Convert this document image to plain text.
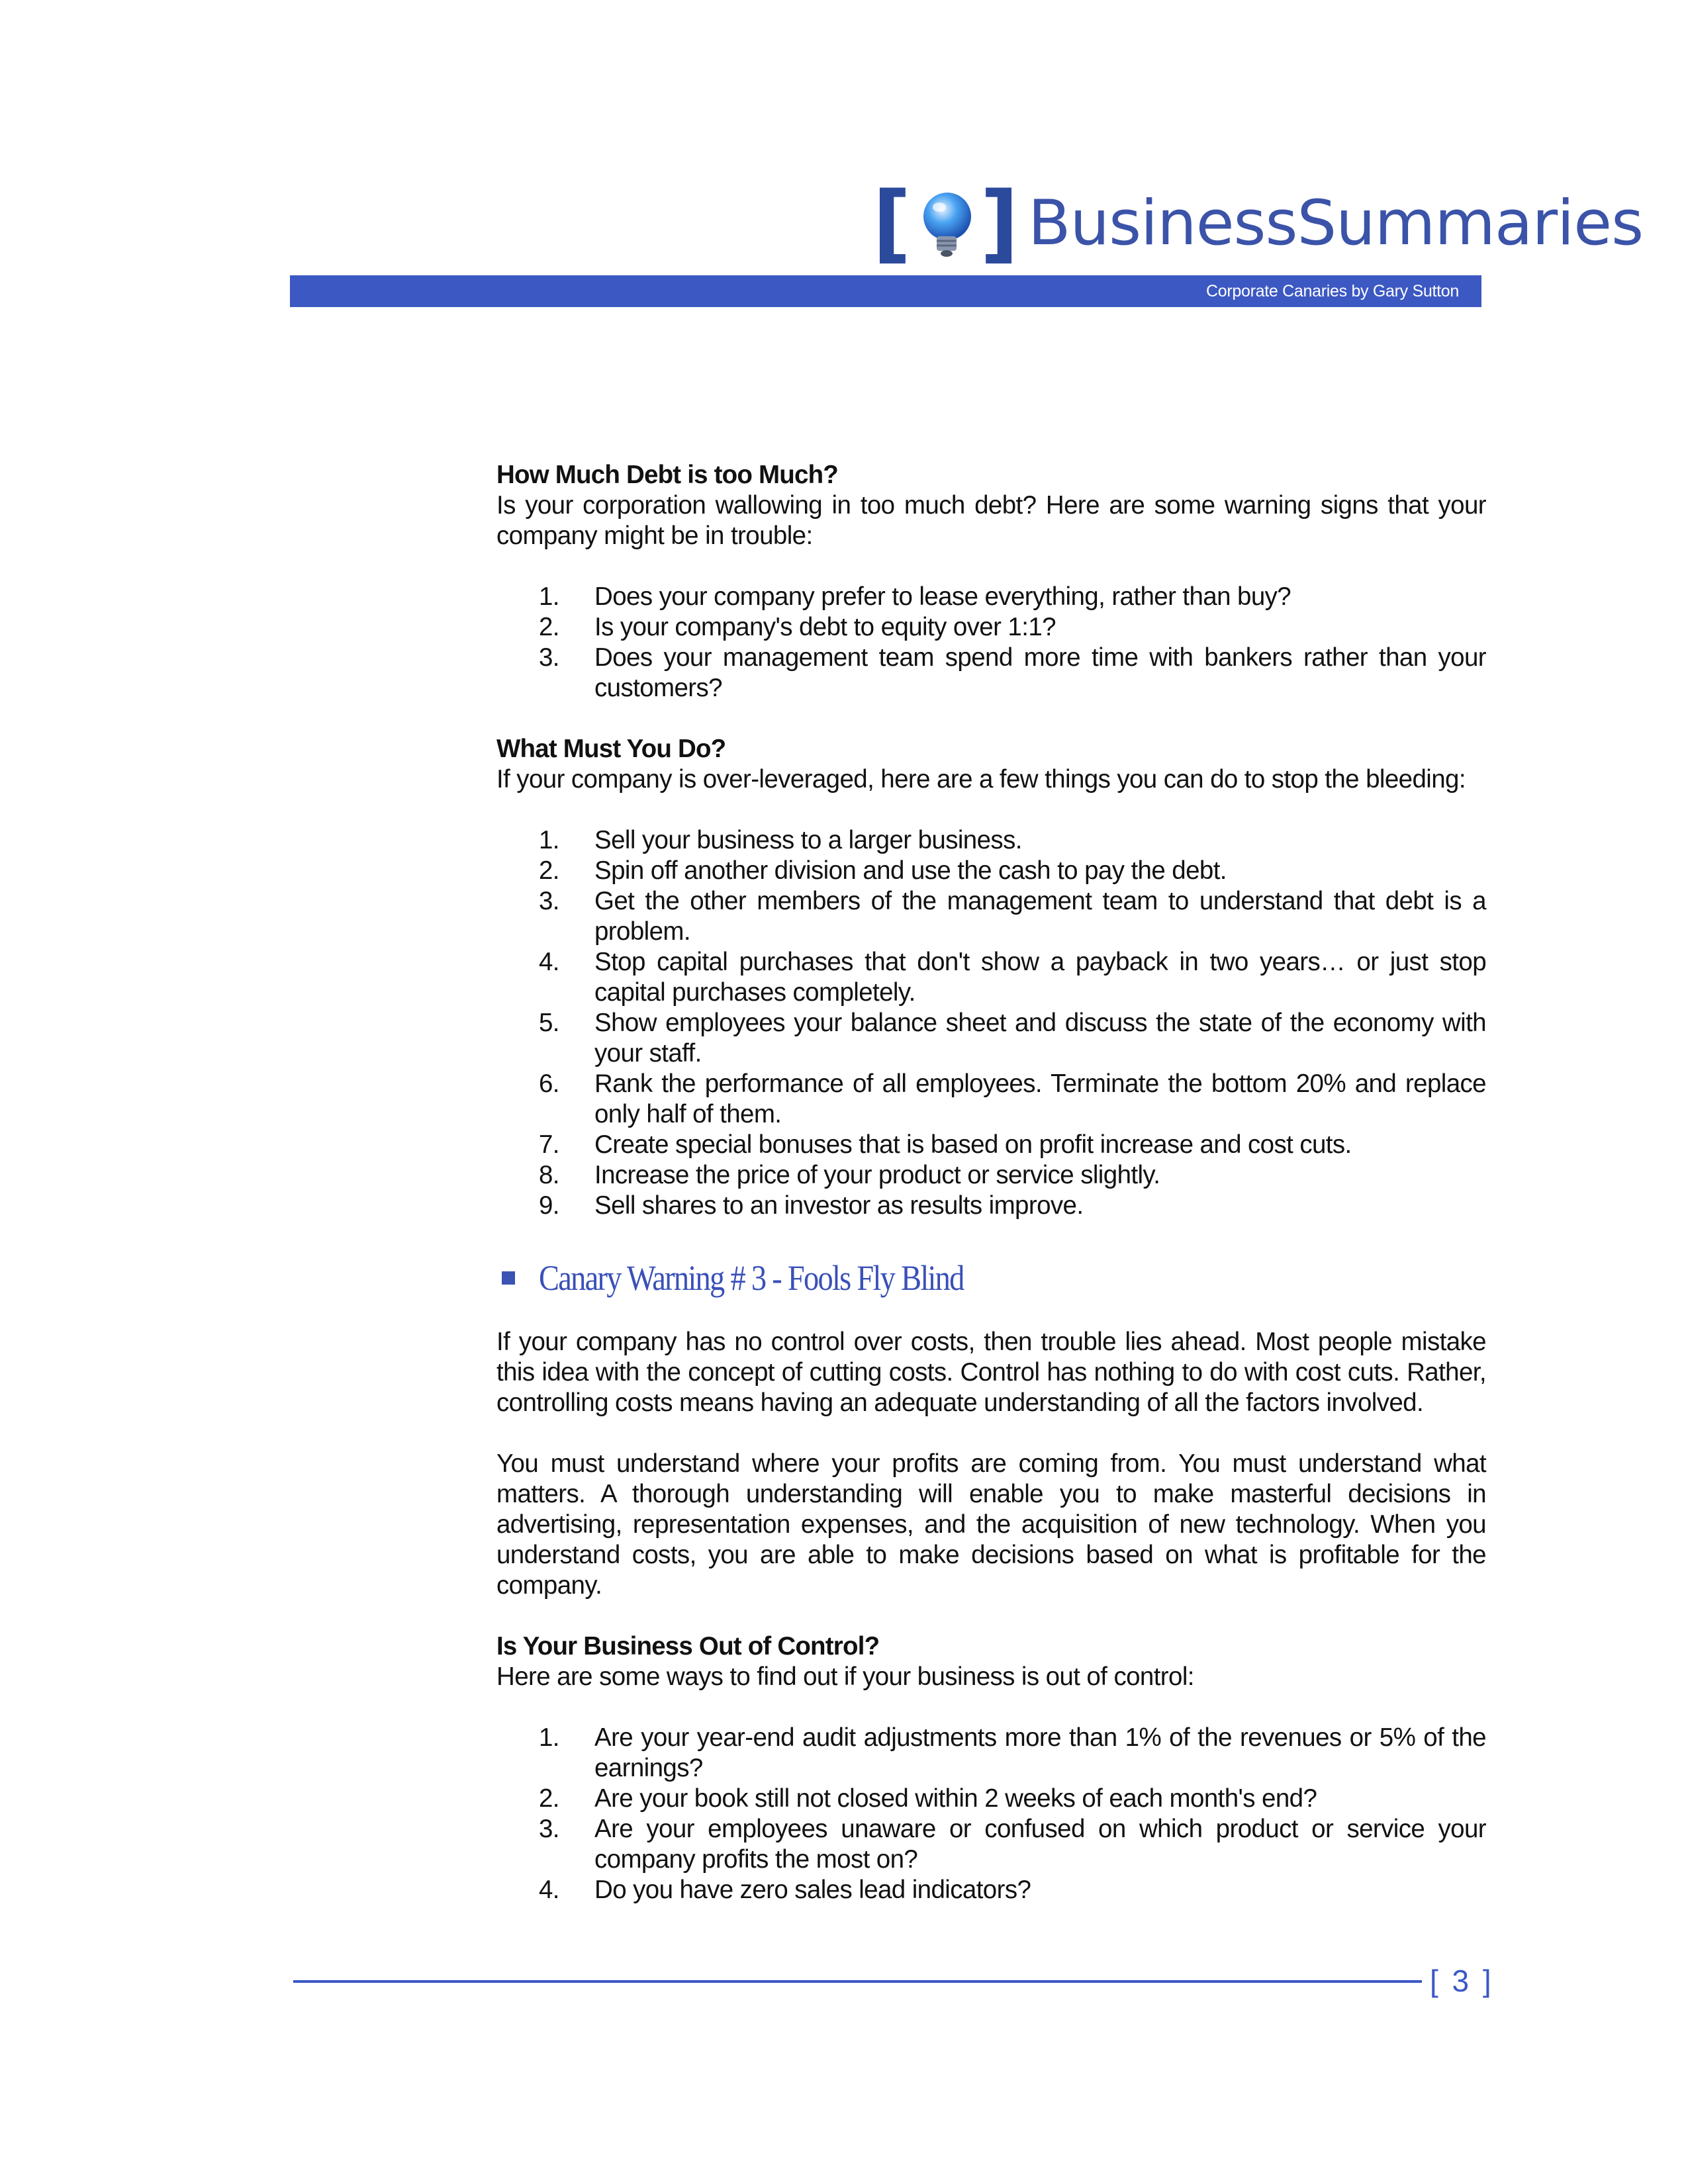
[ ] BusinessSummaries
Corporate Canaries by Gary Sutton

How Much Debt is too Much?

Is your corporation wallowing in too much debt? Here are some warning signs that your company might be in trouble:

1.	Does your company prefer to lease everything, rather than buy?
2.	Is your company's debt to equity over 1:1?
3.	Does your management team spend more time with bankers rather than your customers?

What Must You Do?

If your company is over-leveraged, here are a few things you can do to stop the bleeding:

1.	Sell your business to a larger business.
2.	Spin off another division and use the cash to pay the debt.
3.	Get the other members of the management team to understand that debt is a problem.
4.	Stop capital purchases that don't show a payback in two years… or just stop capital purchases completely.
5.	Show employees your balance sheet and discuss the state of the economy with your staff.
6.	Rank the performance of all employees. Terminate the bottom 20% and replace only half of them.
7.	Create special bonuses that is based on profit increase and cost cuts.
8.	Increase the price of your product or service slightly.
9.	Sell shares to an investor as results improve.
Canary Warning # 3 - Fools Fly Blind

If your company has no control over costs, then trouble lies ahead. Most people mistake this idea with the concept of cutting costs. Control has nothing to do with cost cuts. Rather, controlling costs means having an adequate understanding of all the factors involved.

You must understand where your profits are coming from. You must understand what matters. A thorough understanding will enable you to make masterful decisions in advertising, representation expenses, and the acquisition of new technology. When you understand costs, you are able to make decisions based on what is profitable for the company.

Is Your Business Out of Control?

Here are some ways to find out if your business is out of control:

1.	Are your year-end audit adjustments more than 1% of the revenues or 5% of the earnings?
2.	Are your book still not closed within 2 weeks of each month's end?
3.	Are your employees unaware or confused on which product or service your company profits the most on?
4.	Do you have zero sales lead indicators?
[ 3 ]
